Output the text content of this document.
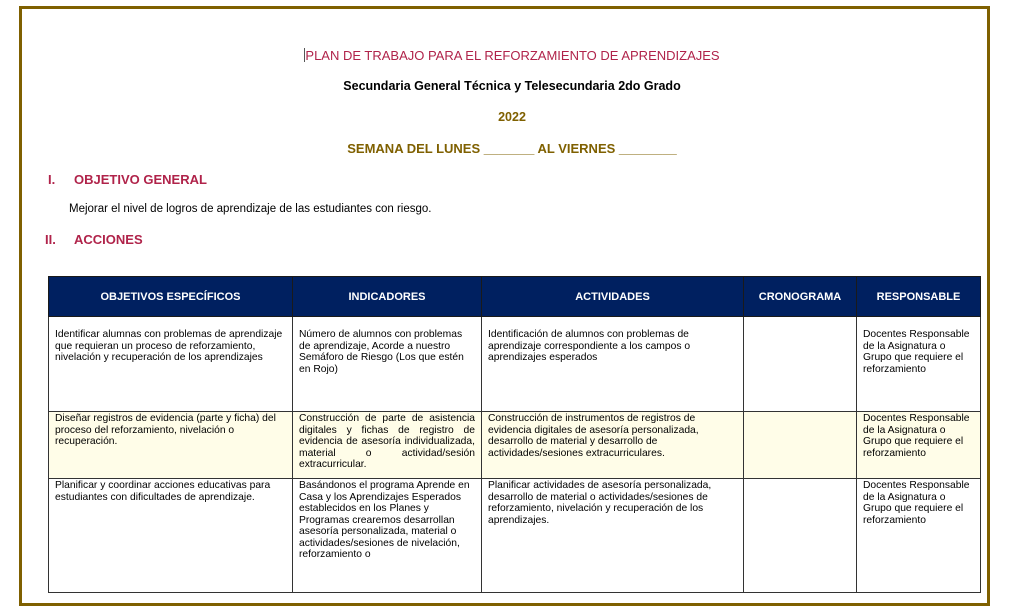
PLAN DE TRABAJO PARA EL REFORZAMIENTO DE APRENDIZAJES
Secundaria General Técnica y Telesecundaria 2do Grado
2022
SEMANA DEL LUNES _______ AL VIERNES ________
I. OBJETIVO GENERAL
Mejorar el nivel de logros de aprendizaje de las estudiantes con riesgo.
II. ACCIONES
OBJETIVOS ESPECÍFICOS	INDICADORES	ACTIVIDADES	CRONOGRAMA	RESPONSABLE
Identificar alumnas con problemas de aprendizaje que requieran un proceso de reforzamiento, nivelación y recuperación de los aprendizajes	Número de alumnos con problemas de aprendizaje, Acorde a nuestro Semáforo de Riesgo (Los que estén en Rojo)	Identificación de alumnos con problemas de aprendizaje correspondiente a los campos o aprendizajes esperados		Docentes Responsable de la Asignatura o Grupo que requiere el reforzamiento
Diseñar registros de evidencia (parte y ficha) del proceso del reforzamiento, nivelación o recuperación.	Construcción de parte de asistencia digitales y fichas de registro de evidencia de asesoría individualizada, material o actividad/sesión extracurricular.	Construcción de instrumentos de registros de evidencia digitales de asesoría personalizada, desarrollo de material y desarrollo de actividades/sesiones extracurriculares.		Docentes Responsable de la Asignatura o Grupo que requiere el reforzamiento
Planificar y coordinar acciones educativas para estudiantes con dificultades de aprendizaje.	Basándonos el programa Aprende en Casa y los Aprendizajes Esperados establecidos en los Planes y Programas crearemos desarrollan asesoría personalizada, material o actividades/sesiones de nivelación, reforzamiento o	Planificar actividades de asesoría personalizada, desarrollo de material o actividades/sesiones de reforzamiento, nivelación y recuperación de los aprendizajes.		Docentes Responsable de la Asignatura o Grupo que requiere el reforzamiento
